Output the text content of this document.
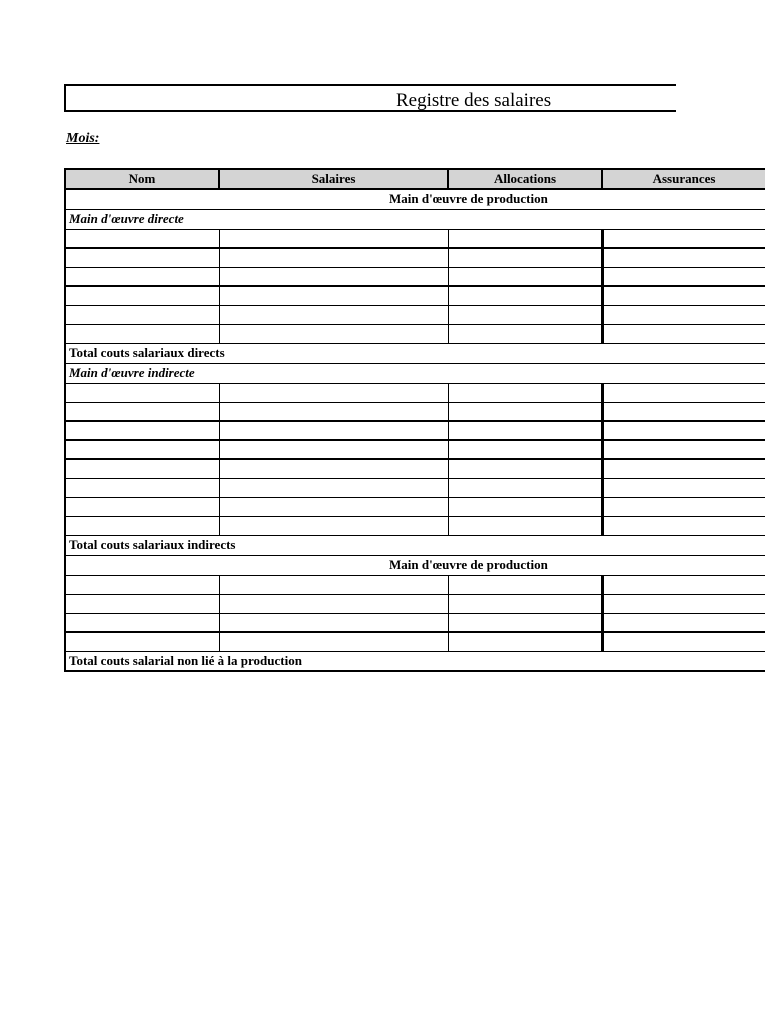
Registre des salaires
Mois:
Nom	Salaires	Allocations	Assurances
Main d'œuvre de production			
Main d'œuvre directe			

Total couts salariaux directs			
Main d'œuvre indirecte			

Total couts salariaux indirects			
Main d'œuvre de production			

Total couts salarial non lié à la production			
